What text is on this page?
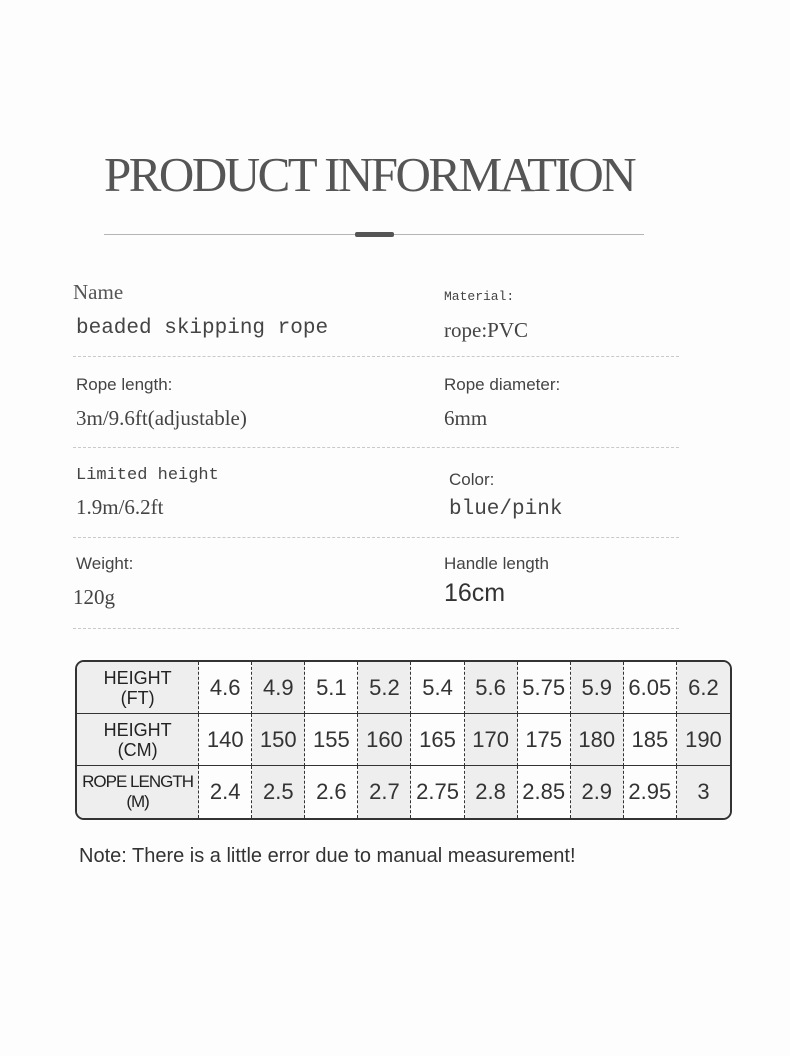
PRODUCT INFORMATION
Name
beaded skipping rope
Material:
rope:PVC
Rope length:
3m/9.6ft(adjustable)
Rope diameter:
6mm
Limited height
1.9m/6.2ft
Color:
blue/pink
Weight:
120g
Handle length
16cm
HEIGHT
(FT)	4.6	4.9	5.1	5.2	5.4	5.6	5.75	5.9	6.05	6.2

HEIGHT
(CM)	140	150	155	160	165	170	175	180	185	190

ROPE LENGTH
(M)	2.4	2.5	2.6	2.7	2.75	2.8	2.85	2.9	2.95	3
Note: There is a little error due to manual measurement!
